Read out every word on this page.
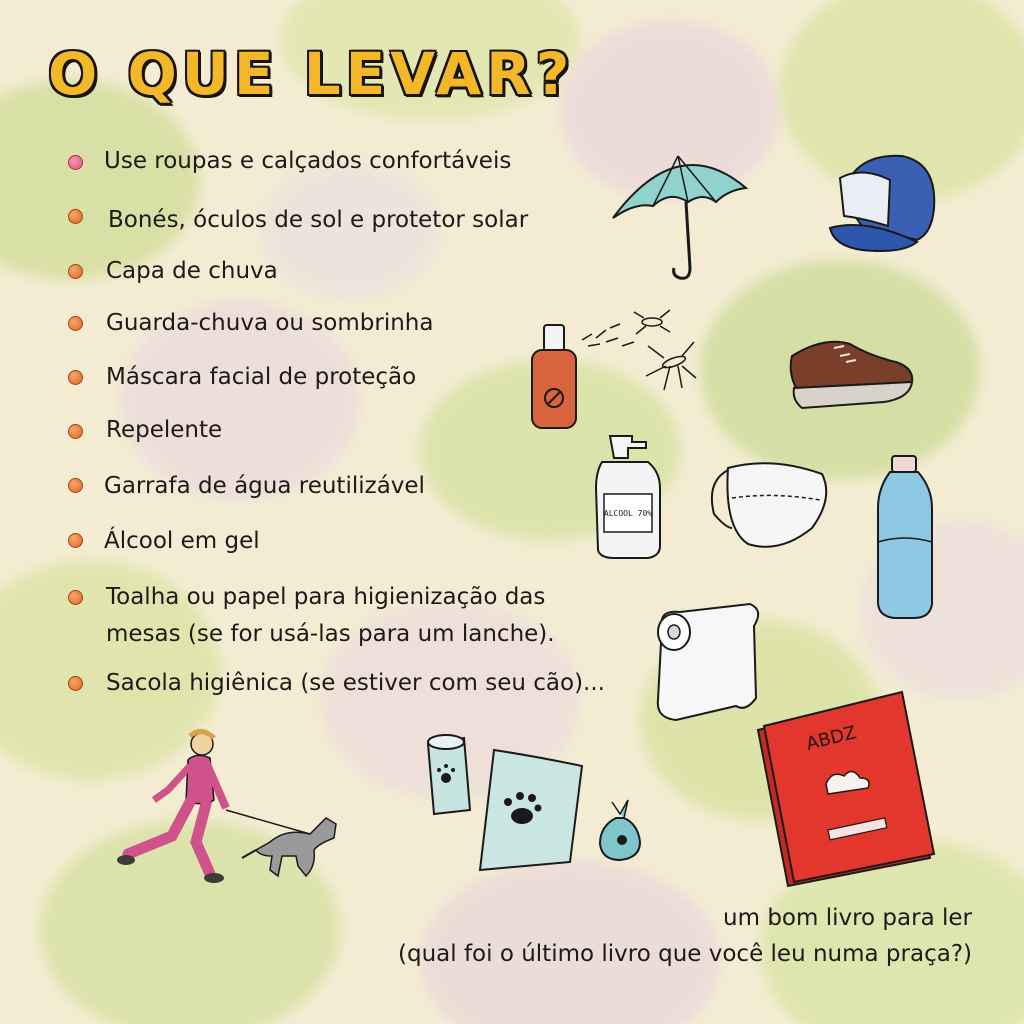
O QUE LEVAR?
Use roupas e calçados confortáveis
Bonés, óculos de sol e protetor solar
Capa de chuva
Guarda-chuva ou sombrinha
Máscara facial de proteção
Repelente
Garrafa de água reutilizável
Álcool em gel
Toalha ou papel para higienização das
mesas (se for usá-las para um lanche).
Sacola higiênica (se estiver com seu cão)...
ALCOOL 70%
ABDZ
um bom livro para ler
(qual foi o último livro que você leu numa praça?)
